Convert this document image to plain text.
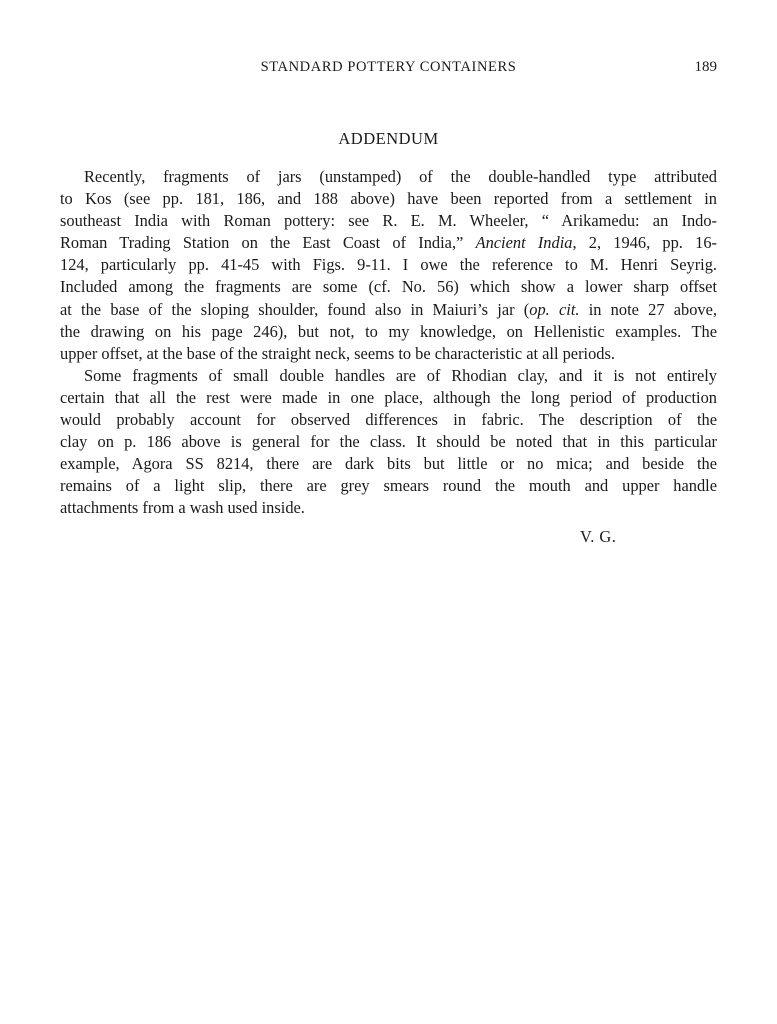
STANDARD POTTERY CONTAINERS	189
ADDENDUM

Recently, fragments of jars (unstamped) of the double-handled type attributed
to Kos (see pp. 181, 186, and 188 above) have been reported from a settlement in
southeast India with Roman pottery: see R. E. M. Wheeler, “ Arikamedu: an Indo-
Roman Trading Station on the East Coast of India,” Ancient India, 2, 1946, pp. 16-
124, particularly pp. 41-45 with Figs. 9-11. I owe the reference to M. Henri Seyrig.
Included among the fragments are some (cf. No. 56) which show a lower sharp offset
at the base of the sloping shoulder, found also in Maiuri’s jar (op. cit. in note 27 above,
the drawing on his page 246), but not, to my knowledge, on Hellenistic examples. The
upper offset, at the base of the straight neck, seems to be characteristic at all periods.

Some fragments of small double handles are of Rhodian clay, and it is not entirely
certain that all the rest were made in one place, although the long period of production
would probably account for observed differences in fabric. The description of the
clay on p. 186 above is general for the class. It should be noted that in this particular
example, Agora SS 8214, there are dark bits but little or no mica; and beside the
remains of a light slip, there are grey smears round the mouth and upper handle
attachments from a wash used inside.

V. G.
